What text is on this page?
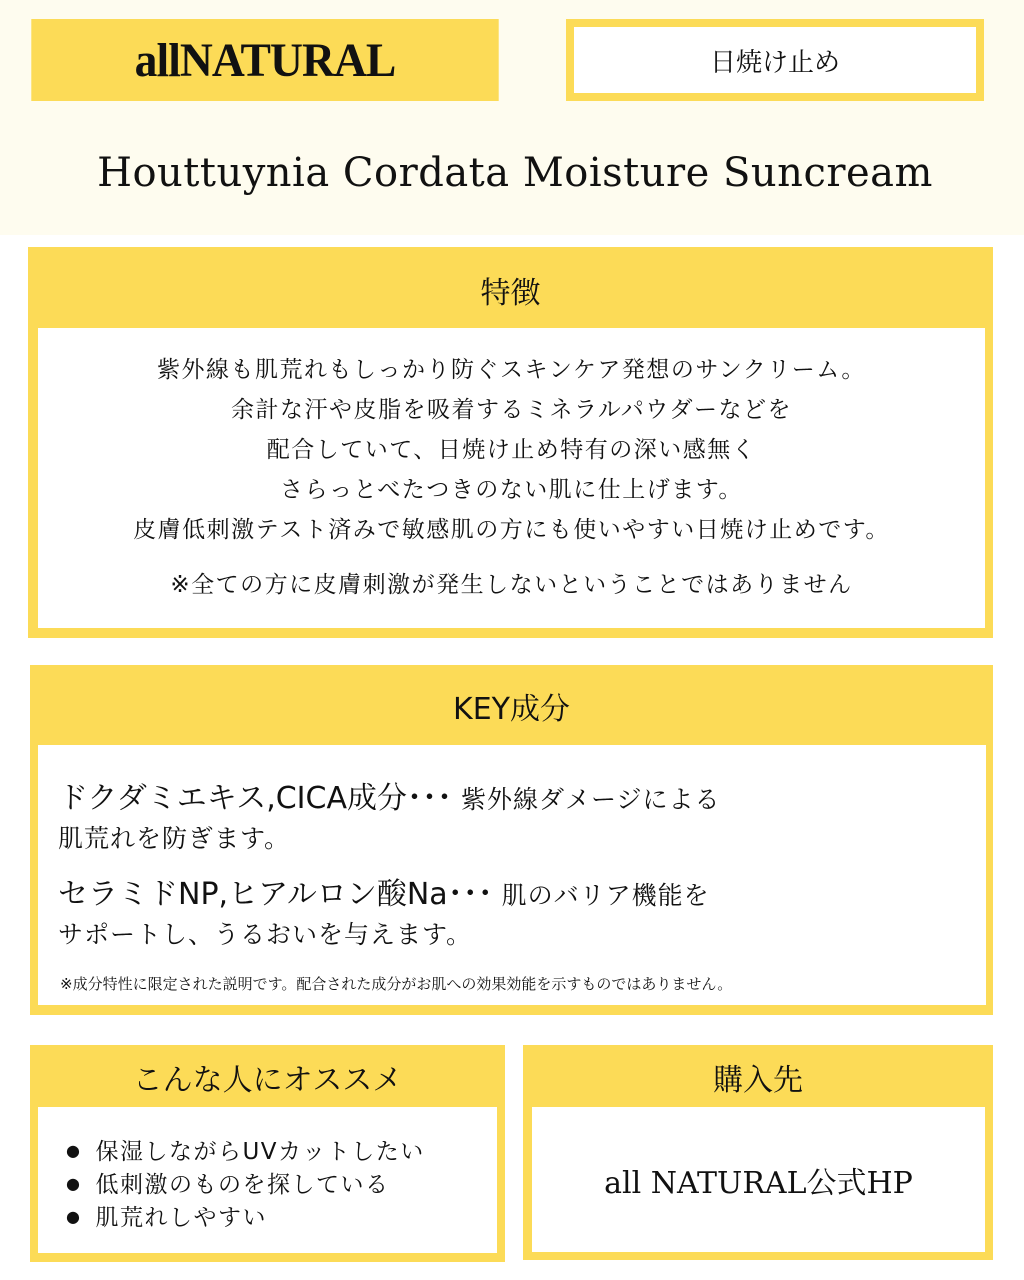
allNATURAL	日焼け止め
Houttuynia Cordata Moisture Suncream
特徴

紫外線も肌荒れもしっかり防ぐスキンケア発想のサンクリーム。

余計な汗や皮脂を吸着するミネラルパウダーなどを

配合していて、日焼け止め特有の深い感無く

さらっとべたつきのない肌に仕上げます。

皮膚低刺激テスト済みで敏感肌の方にも使いやすい日焼け止めです。

※全ての方に皮膚刺激が発生しないということではありません

KEY成分
ドクダミエキス,CICA成分･･･ 紫外線ダメージによる
肌荒れを防ぎます。
セラミドNP,ヒアルロン酸Na･･･ 肌のバリア機能を
サポートし、うるおいを与えます。
※成分特性に限定された説明です。配合された成分がお肌への効果効能を示すものではありません。
こんな人にオススメ
● 保湿しながらUVカットしたい
● 低刺激のものを探している
● 肌荒れしやすい
購入先
all NATURAL公式HP
